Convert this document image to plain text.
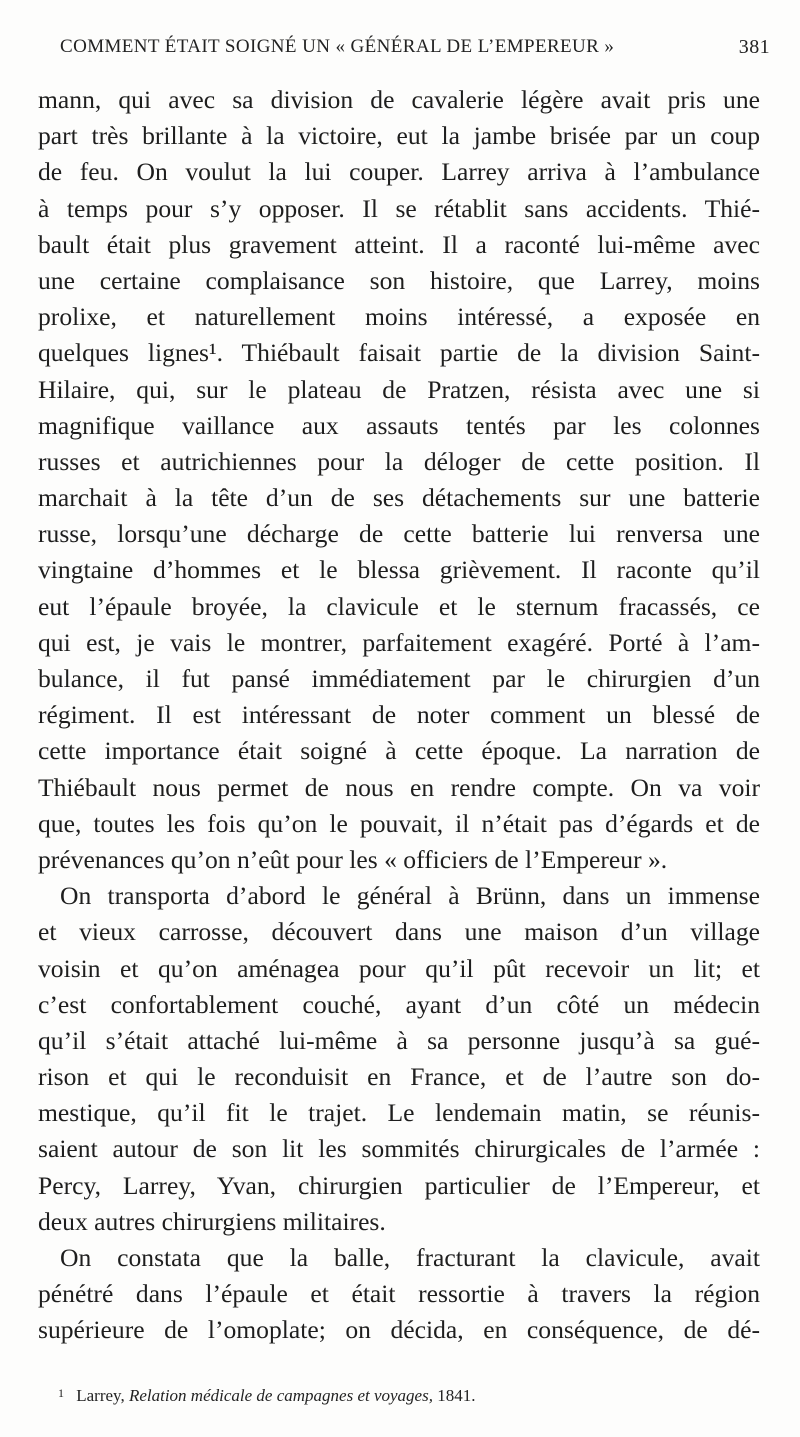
COMMENT ÉTAIT SOIGNÉ UN « GÉNÉRAL DE L’EMPEREUR »	381
mann, qui avec sa division de cavalerie légère avait pris une
part très brillante à la victoire, eut la jambe brisée par un coup
de feu. On voulut la lui couper. Larrey arriva à l’ambulance
à temps pour s’y opposer. Il se rétablit sans accidents. Thié-
bault était plus gravement atteint. Il a raconté lui-même avec
une certaine complaisance son histoire, que Larrey, moins
prolixe, et naturellement moins intéressé, a exposée en
quelques lignes¹. Thiébault faisait partie de la division Saint-
Hilaire, qui, sur le plateau de Pratzen, résista avec une si
magnifique vaillance aux assauts tentés par les colonnes
russes et autrichiennes pour la déloger de cette position. Il
marchait à la tête d’un de ses détachements sur une batterie
russe, lorsqu’une décharge de cette batterie lui renversa une
vingtaine d’hommes et le blessa grièvement. Il raconte qu’il
eut l’épaule broyée, la clavicule et le sternum fracassés, ce
qui est, je vais le montrer, parfaitement exagéré. Porté à l’am-
bulance, il fut pansé immédiatement par le chirurgien d’un
régiment. Il est intéressant de noter comment un blessé de
cette importance était soigné à cette époque. La narration de
Thiébault nous permet de nous en rendre compte. On va voir
que, toutes les fois qu’on le pouvait, il n’était pas d’égards et de
prévenances qu’on n’eût pour les « officiers de l’Empereur ».
On transporta d’abord le général à Brünn, dans un immense
et vieux carrosse, découvert dans une maison d’un village
voisin et qu’on aménagea pour qu’il pût recevoir un lit; et
c’est confortablement couché, ayant d’un côté un médecin
qu’il s’était attaché lui-même à sa personne jusqu’à sa gué-
rison et qui le reconduisit en France, et de l’autre son do-
mestique, qu’il fit le trajet. Le lendemain matin, se réunis-
saient autour de son lit les sommités chirurgicales de l’armée :
Percy, Larrey, Yvan, chirurgien particulier de l’Empereur, et
deux autres chirurgiens militaires.
On constata que la balle, fracturant la clavicule, avait
pénétré dans l’épaule et était ressortie à travers la région
supérieure de l’omoplate; on décida, en conséquence, de dé-
$^1$ Larrey, Relation médicale de campagnes et voyages, 1841.
